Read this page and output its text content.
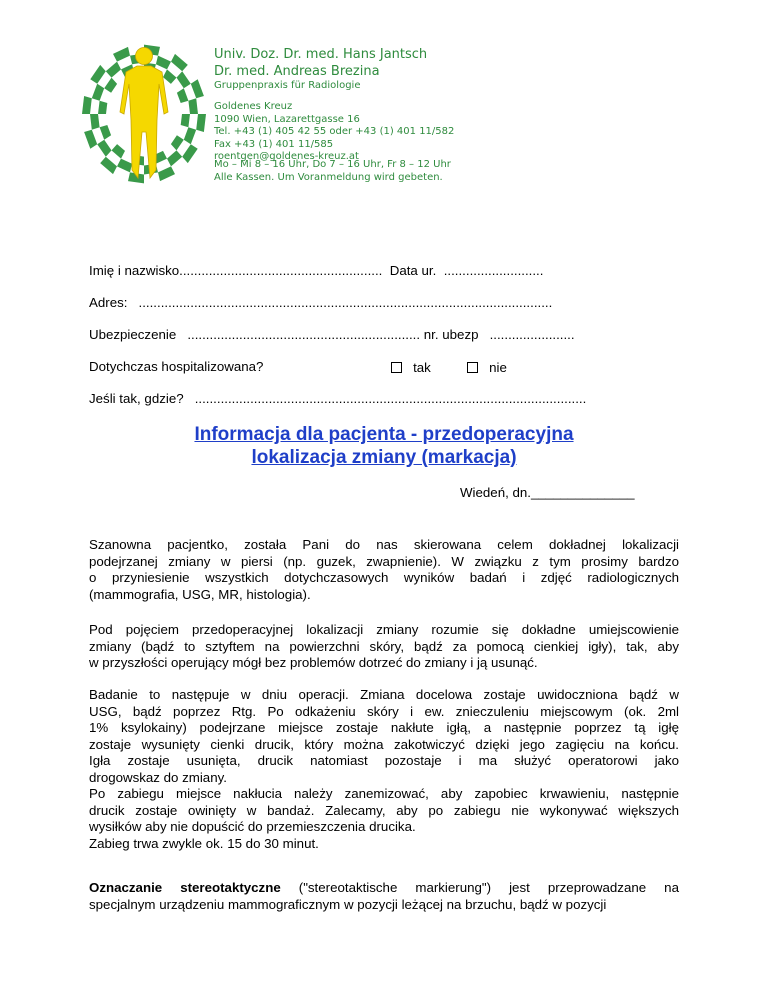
Univ. Doz. Dr. med. Hans Jantsch
Dr. med. Andreas Brezina
Gruppenpraxis für Radiologie
Goldenes Kreuz
1090 Wien, Lazarettgasse 16
Tel. +43 (1) 405 42 55 oder +43 (1) 401 11/582
Fax +43 (1) 401 11/585
roentgen@goldenes-kreuz.at
Mo – Mi 8 – 16 Uhr, Do 7 – 16 Uhr, Fr 8 – 12 Uhr
Alle Kassen. Um Voranmeldung wird gebeten.
Imię i nazwisko....................................................... Data ur. ...........................
Adres: ................................................................................................................
Ubezpieczenie ............................................................... nr. ubezp .......................
Dotychczas hospitalizowana?	tak	nie
Jeśli tak, gdzie? ..........................................................................................................
Informacja dla pacjenta - przedoperacyjna
lokalizacja zmiany (markacja)
Wiedeń, dn.______________

Szanowna pacjentko, została Pani do nas skierowana celem dokładnej lokalizacji
podejrzanej zmiany w piersi (np. guzek, zwapnienie). W związku z tym prosimy bardzo
o przyniesienie wszystkich dotychczasowych wyników badań i zdjęć radiologicznych
(mammografia, USG, MR, histologia).

Pod pojęciem przedoperacyjnej lokalizacji zmiany rozumie się dokładne umiejscowienie
zmiany (bądź to sztyftem na powierzchni skóry, bądź za pomocą cienkiej igły), tak, aby
w przyszłości operujący mógł bez problemów dotrzeć do zmiany i ją usunąć.

Badanie to następuje w dniu operacji. Zmiana docelowa zostaje uwidoczniona bądź w
USG, bądź poprzez Rtg. Po odkażeniu skóry i ew. znieczuleniu miejscowym (ok. 2ml
1% ksylokainy) podejrzane miejsce zostaje nakłute igłą, a następnie poprzez tą igłę
zostaje wysunięty cienki drucik, który można zakotwiczyć dzięki jego zagięciu na końcu.
Igła zostaje usunięta, drucik natomiast pozostaje i ma służyć operatorowi jako
drogowskaz do zmiany.
Po zabiegu miejsce nakłucia należy zanemizować, aby zapobiec krwawieniu, następnie
drucik zostaje owinięty w bandaż. Zalecamy, aby po zabiegu nie wykonywać większych
wysiłków aby nie dopuścić do przemieszczenia drucika.
Zabieg trwa zwykle ok. 15 do 30 minut.

Oznaczanie stereotaktyczne ("stereotaktische markierung") jest przeprowadzane na
specjalnym urządzeniu mammograficznym w pozycji leżącej na brzuchu, bądź w pozycji
